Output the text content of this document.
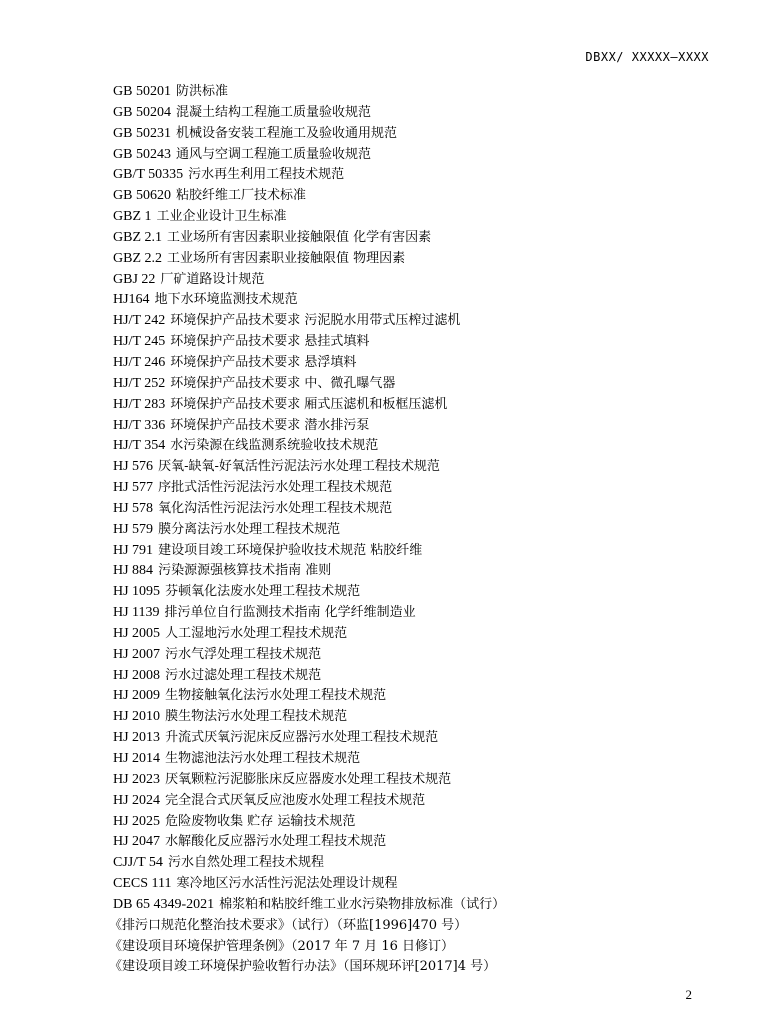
DBXX/ XXXXX—XXXX
GB 50201 防洪标准
GB 50204 混凝土结构工程施工质量验收规范
GB 50231 机械设备安装工程施工及验收通用规范
GB 50243 通风与空调工程施工质量验收规范
GB/T 50335 污水再生利用工程技术规范
GB 50620 粘胶纤维工厂技术标准
GBZ 1 工业企业设计卫生标准
GBZ 2.1 工业场所有害因素职业接触限值 化学有害因素
GBZ 2.2 工业场所有害因素职业接触限值 物理因素
GBJ 22 厂矿道路设计规范
HJ164 地下水环境监测技术规范
HJ/T 242 环境保护产品技术要求 污泥脱水用带式压榨过滤机
HJ/T 245 环境保护产品技术要求 悬挂式填料
HJ/T 246 环境保护产品技术要求 悬浮填料
HJ/T 252 环境保护产品技术要求 中、微孔曝气器
HJ/T 283 环境保护产品技术要求 厢式压滤机和板框压滤机
HJ/T 336 环境保护产品技术要求 潜水排污泵
HJ/T 354 水污染源在线监测系统验收技术规范
HJ 576 厌氧-缺氧-好氧活性污泥法污水处理工程技术规范
HJ 577 序批式活性污泥法污水处理工程技术规范
HJ 578 氧化沟活性污泥法污水处理工程技术规范
HJ 579 膜分离法污水处理工程技术规范
HJ 791 建设项目竣工环境保护验收技术规范 粘胶纤维
HJ 884 污染源源强核算技术指南 准则
HJ 1095 芬顿氧化法废水处理工程技术规范
HJ 1139 排污单位自行监测技术指南 化学纤维制造业
HJ 2005 人工湿地污水处理工程技术规范
HJ 2007 污水气浮处理工程技术规范
HJ 2008 污水过滤处理工程技术规范
HJ 2009 生物接触氧化法污水处理工程技术规范
HJ 2010 膜生物法污水处理工程技术规范
HJ 2013 升流式厌氧污泥床反应器污水处理工程技术规范
HJ 2014 生物滤池法污水处理工程技术规范
HJ 2023 厌氧颗粒污泥膨胀床反应器废水处理工程技术规范
HJ 2024 完全混合式厌氧反应池废水处理工程技术规范
HJ 2025 危险废物收集 贮存 运输技术规范
HJ 2047 水解酸化反应器污水处理工程技术规范
CJJ/T 54 污水自然处理工程技术规程
CECS 111 寒冷地区污水活性污泥法处理设计规程
DB 65 4349-2021 棉浆粕和粘胶纤维工业水污染物排放标准（试行）
《排污口规范化整治技术要求》（试行）（环监[1996]470 号）
《建设项目环境保护管理条例》（2017 年 7 月 16 日修订）
《建设项目竣工环境保护验收暂行办法》（国环规环评[2017]4 号）
2
